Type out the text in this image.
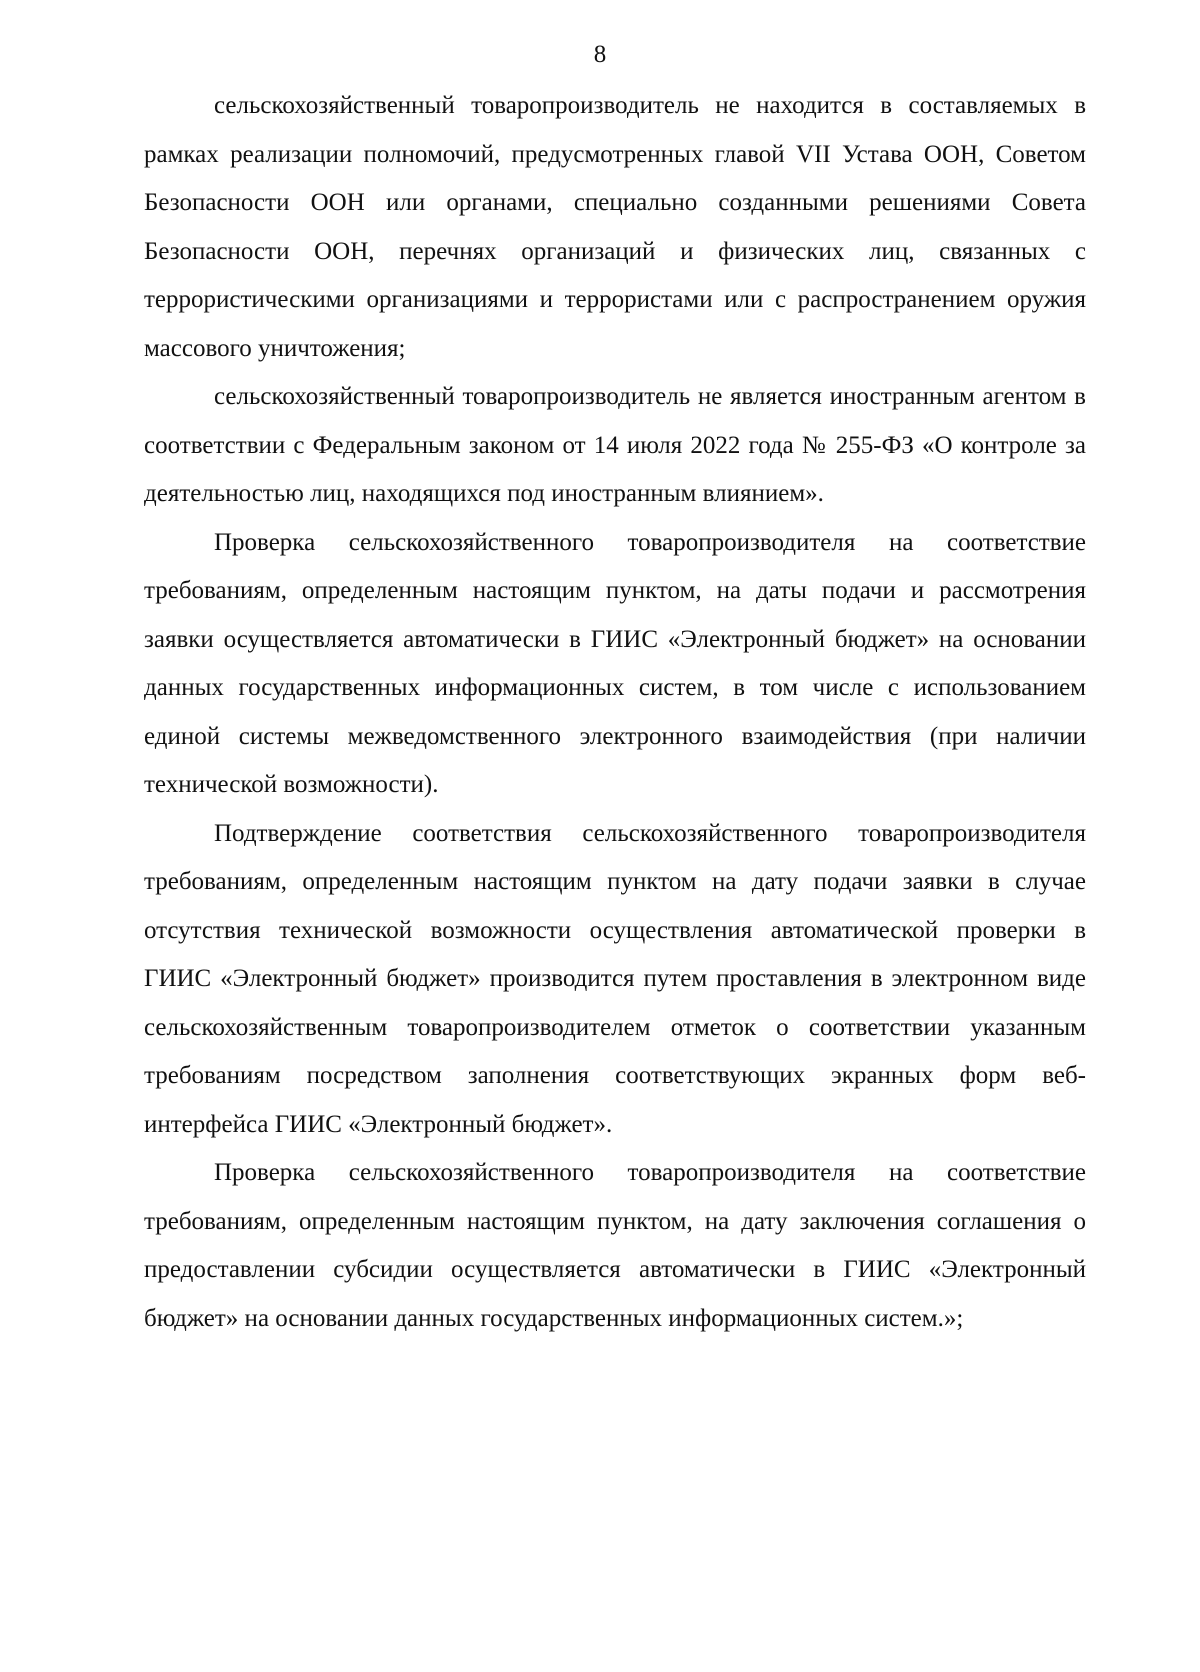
8

сельскохозяйственный товаропроизводитель не находится в составляемых в рамках реализации полномочий, предусмотренных главой VII Устава ООН, Советом Безопасности ООН или органами, специально созданными решениями Совета Безопасности ООН, перечнях организаций и физических лиц, связанных с террористическими организациями и террористами или с распространением оружия массового уничтожения;

сельскохозяйственный товаропроизводитель не является иностранным агентом в соответствии с Федеральным законом от 14 июля 2022 года № 255-ФЗ «О контроле за деятельностью лиц, находящихся под иностранным влиянием».

Проверка сельскохозяйственного товаропроизводителя на соответствие требованиям, определенным настоящим пунктом, на даты подачи и рассмотрения заявки осуществляется автоматически в ГИИС «Электронный бюджет» на основании данных государственных информационных систем, в том числе с использованием единой системы межведомственного электронного взаимодействия (при наличии технической возможности).

Подтверждение соответствия сельскохозяйственного товаропроизводителя требованиям, определенным настоящим пунктом на дату подачи заявки в случае отсутствия технической возможности осуществления автоматической проверки в ГИИС «Электронный бюджет» производится путем проставления в электронном виде сельскохозяйственным товаропроизводителем отметок о соответствии указанным требованиям посредством заполнения соответствующих экранных форм веб-интерфейса ГИИС «Электронный бюджет».

Проверка сельскохозяйственного товаропроизводителя на соответствие требованиям, определенным настоящим пунктом, на дату заключения соглашения о предоставлении субсидии осуществляется автоматически в ГИИС «Электронный бюджет» на основании данных государственных информационных систем.»;
